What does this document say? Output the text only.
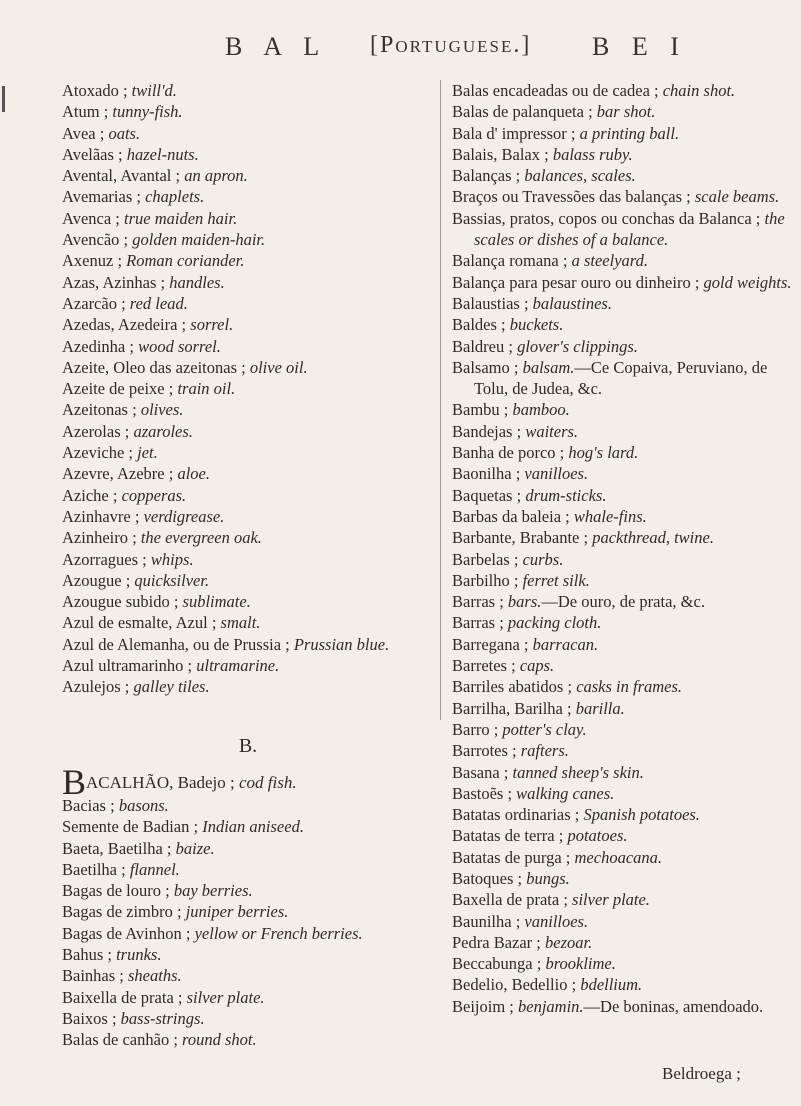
B A L [Portuguese.] B E I

Atoxado ; twill'd.

Atum ; tunny-fish.

Avea ; oats.

Avelãas ; hazel-nuts.

Avental, Avantal ; an apron.

Avemarias ; chaplets.

Avenca ; true maiden hair.

Avencão ; golden maiden-hair.

Axenuz ; Roman coriander.

Azas, Azinhas ; handles.

Azarcão ; red lead.

Azedas, Azedeira ; sorrel.

Azedinha ; wood sorrel.

Azeite, Oleo das azeitonas ; olive oil.

Azeite de peixe ; train oil.

Azeitonas ; olives.

Azerolas ; azaroles.

Azeviche ; jet.

Azevre, Azebre ; aloe.

Aziche ; copperas.

Azinhavre ; verdigrease.

Azinheiro ; the evergreen oak.

Azorragues ; whips.

Azougue ; quicksilver.

Azougue subido ; sublimate.

Azul de esmalte, Azul ; smalt.

Azul de Alemanha, ou de Prussia ; Prussian blue.

Azul ultramarinho ; ultramarine.

Azulejos ; galley tiles.

B.

BACALHÃO, Badejo ; cod fish.

Bacias ; basons.

Semente de Badian ; Indian aniseed.

Baeta, Baetilha ; baize.

Baetilha ; flannel.

Bagas de louro ; bay berries.

Bagas de zimbro ; juniper berries.

Bagas de Avinhon ; yellow or French berries.

Bahus ; trunks.

Bainhas ; sheaths.

Baixella de prata ; silver plate.

Baixos ; bass-strings.

Balas de canhão ; round shot.

Balas encadeadas ou de cadea ; chain shot.

Balas de palanqueta ; bar shot.

Bala d' impressor ; a printing ball.

Balais, Balax ; balass ruby.

Balanças ; balances, scales.

Braços ou Travessões das balanças ; scale beams.

Bassias, pratos, copos ou conchas da Balanca ; the scales or dishes of a balance.

Balança romana ; a steelyard.

Balança para pesar ouro ou dinheiro ; gold weights.

Balaustias ; balaustines.

Baldes ; buckets.

Baldreu ; glover's clippings.

Balsamo ; balsam.—Ce Copaiva, Peruviano, de Tolu, de Judea, &c.

Bambu ; bamboo.

Bandejas ; waiters.

Banha de porco ; hog's lard.

Baonilha ; vanilloes.

Baquetas ; drum-sticks.

Barbas da baleia ; whale-fins.

Barbante, Brabante ; packthread, twine.

Barbelas ; curbs.

Barbilho ; ferret silk.

Barras ; bars.—De ouro, de prata, &c.

Barras ; packing cloth.

Barregana ; barracan.

Barretes ; caps.

Barriles abatidos ; casks in frames.

Barrilha, Barilha ; barilla.

Barro ; potter's clay.

Barrotes ; rafters.

Basana ; tanned sheep's skin.

Bastoẽs ; walking canes.

Batatas ordinarias ; Spanish potatoes.

Batatas de terra ; potatoes.

Batatas de purga ; mechoacana.

Batoques ; bungs.

Baxella de prata ; silver plate.

Baunilha ; vanilloes.

Pedra Bazar ; bezoar.

Beccabunga ; brooklime.

Bedelio, Bedellio ; bdellium.

Beijoim ; benjamin.—De boninas, amendoado.

Beldroega ;
